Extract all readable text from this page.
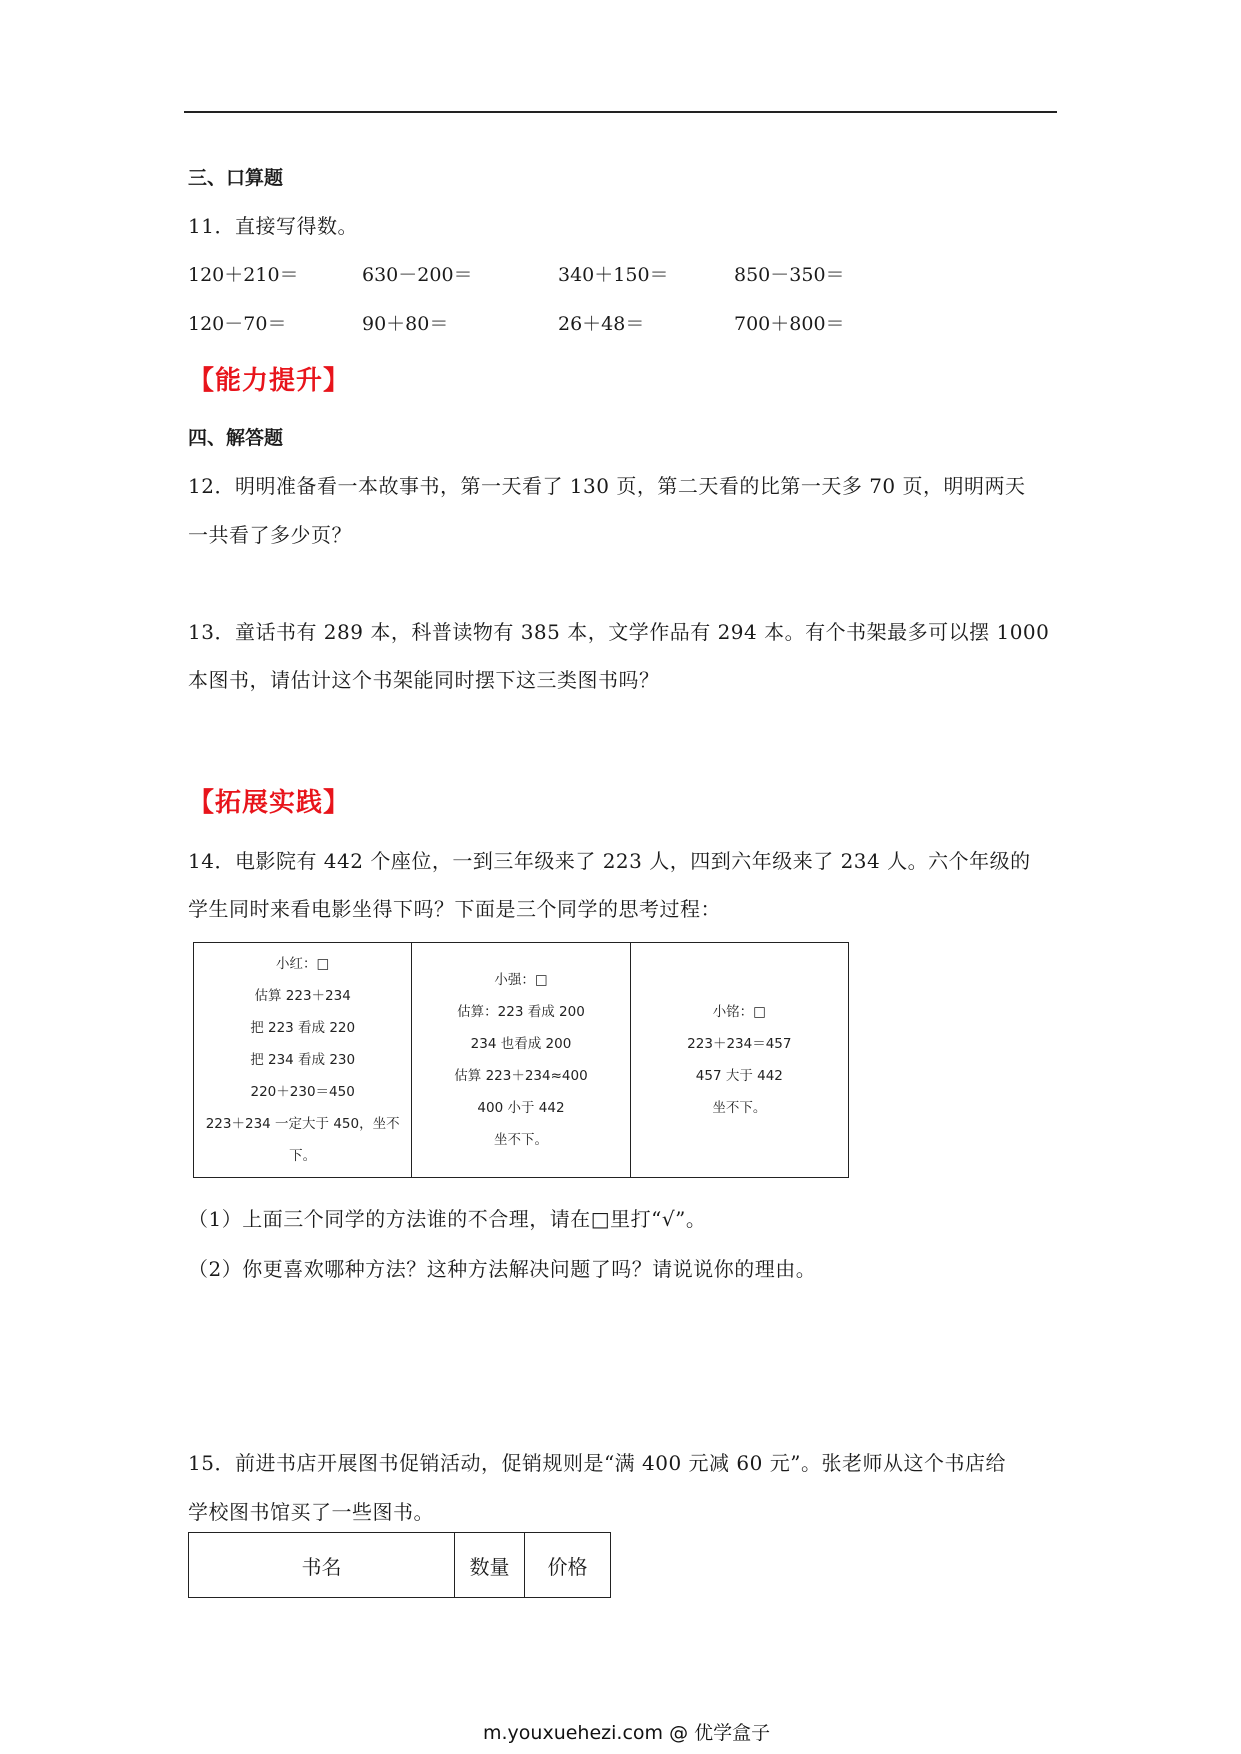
三、口算题
11．直接写得数。
120＋210＝	630－200＝	340＋150＝	850－350＝
120－70＝	90＋80＝	26＋48＝	700＋800＝
【能力提升】
四、解答题
12．明明准备看一本故事书，第一天看了 130 页，第二天看的比第一天多 70 页，明明两天
一共看了多少页？
13．童话书有 289 本，科普读物有 385 本，文学作品有 294 本。有个书架最多可以摆 1000
本图书，请估计这个书架能同时摆下这三类图书吗？
【拓展实践】
14．电影院有 442 个座位，一到三年级来了 223 人，四到六年级来了 234 人。六个年级的
学生同时来看电影坐得下吗？下面是三个同学的思考过程：
小红：□
估算 223＋234
把 223 看成 220
把 234 看成 230
220＋230＝450
223＋234 一定大于 450，坐不
下。

小强：□
估算：223 看成 200
234 也看成 200
估算 223＋234≈400
400 小于 442
坐不下。

小铭：□
223＋234＝457
457 大于 442
坐不下。
（1）上面三个同学的方法谁的不合理，请在□里打“√”。
（2）你更喜欢哪种方法？这种方法解决问题了吗？请说说你的理由。
15．前进书店开展图书促销活动，促销规则是“满 400 元减 60 元”。张老师从这个书店给
学校图书馆买了一些图书。
书名	数量	价格
m.youxuehezi.com @ 优学盒子
